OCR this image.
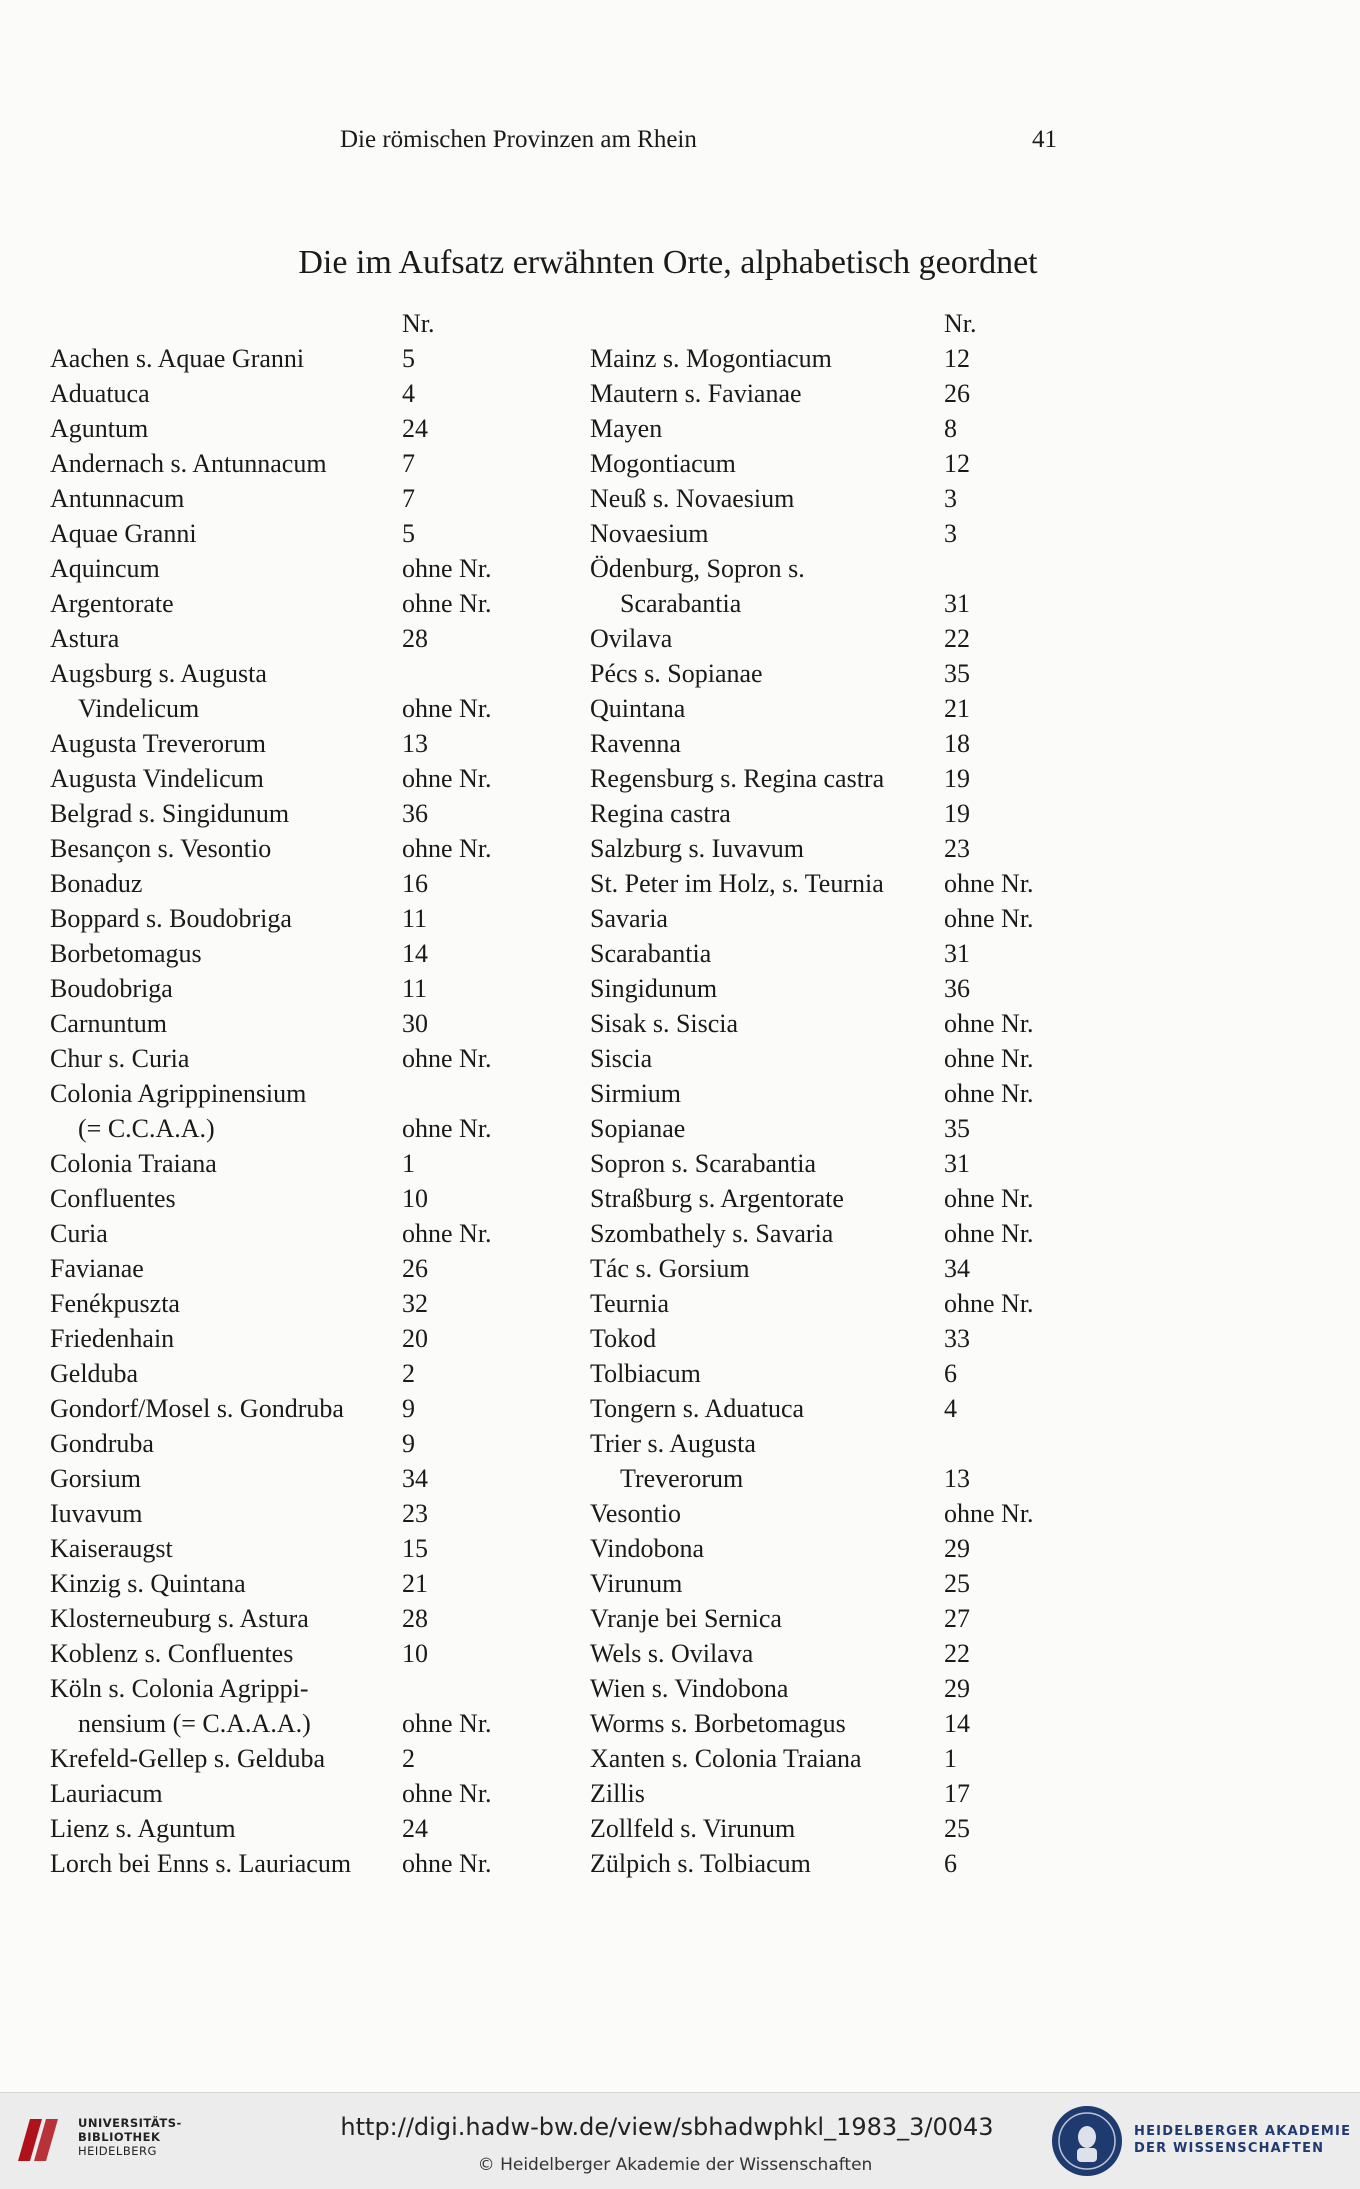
Die römischen Provinzen am Rhein	41
Die im Aufsatz erwähnten Orte, alphabetisch geordnet
Nr.
Aachen s. Aquae Granni	5
Aduatuca	4
Aguntum	24
Andernach s. Antunnacum	7
Antunnacum	7
Aquae Granni	5
Aquincum	ohne Nr.
Argentorate	ohne Nr.
Astura	28
Augsburg s. Augusta
Vindelicum	ohne Nr.
Augusta Treverorum	13
Augusta Vindelicum	ohne Nr.
Belgrad s. Singidunum	36
Besançon s. Vesontio	ohne Nr.
Bonaduz	16
Boppard s. Boudobriga	11
Borbetomagus	14
Boudobriga	11
Carnuntum	30
Chur s. Curia	ohne Nr.
Colonia Agrippinensium
(= C.C.A.A.)	ohne Nr.
Colonia Traiana	1
Confluentes	10
Curia	ohne Nr.
Favianae	26
Fenékpuszta	32
Friedenhain	20
Gelduba	2
Gondorf/Mosel s. Gondruba 9
Gondruba	9
Gorsium	34
Iuvavum	23
Kaiseraugst	15
Kinzig s. Quintana	21
Klosterneuburg s. Astura	28
Koblenz s. Confluentes	10
Köln s. Colonia Agrippi-
nensium (= C.A.A.A.)	ohne Nr.
Krefeld-Gellep s. Gelduba	2
Lauriacum	ohne Nr.
Lienz s. Aguntum	24
Lorch bei Enns s. Lauriacum ohne Nr.
Nr.
Mainz s. Mogontiacum	12
Mautern s. Favianae	26
Mayen	8
Mogontiacum	12
Neuß s. Novaesium	3
Novaesium	3
Ödenburg, Sopron s.
Scarabantia	31
Ovilava	22
Pécs s. Sopianae	35
Quintana	21
Ravenna	18
Regensburg s. Regina castra 19
Regina castra	19
Salzburg s. Iuvavum	23
St. Peter im Holz, s. Teurnia ohne Nr.
Savaria	ohne Nr.
Scarabantia	31
Singidunum	36
Sisak s. Siscia	ohne Nr.
Siscia	ohne Nr.
Sirmium	ohne Nr.
Sopianae	35
Sopron s. Scarabantia	31
Straßburg s. Argentorate	ohne Nr.
Szombathely s. Savaria	ohne Nr.
Tác s. Gorsium	34
Teurnia	ohne Nr.
Tokod	33
Tolbiacum	6
Tongern s. Aduatuca	4
Trier s. Augusta
Treverorum	13
Vesontio	ohne Nr.
Vindobona	29
Virunum	25
Vranje bei Sernica	27
Wels s. Ovilava	22
Wien s. Vindobona	29
Worms s. Borbetomagus	14
Xanten s. Colonia Traiana	1
Zillis	17
Zollfeld s. Virunum	25
Zülpich s. Tolbiacum	6
UNIVERSITÄTS-
BIBLIOTHEK
HEIDELBERG
http://digi.hadw-bw.de/view/sbhadwphkl_1983_3/0043
© Heidelberger Akademie der Wissenschaften
HEIDELBERGER AKADEMIE
DER WISSENSCHAFTEN
